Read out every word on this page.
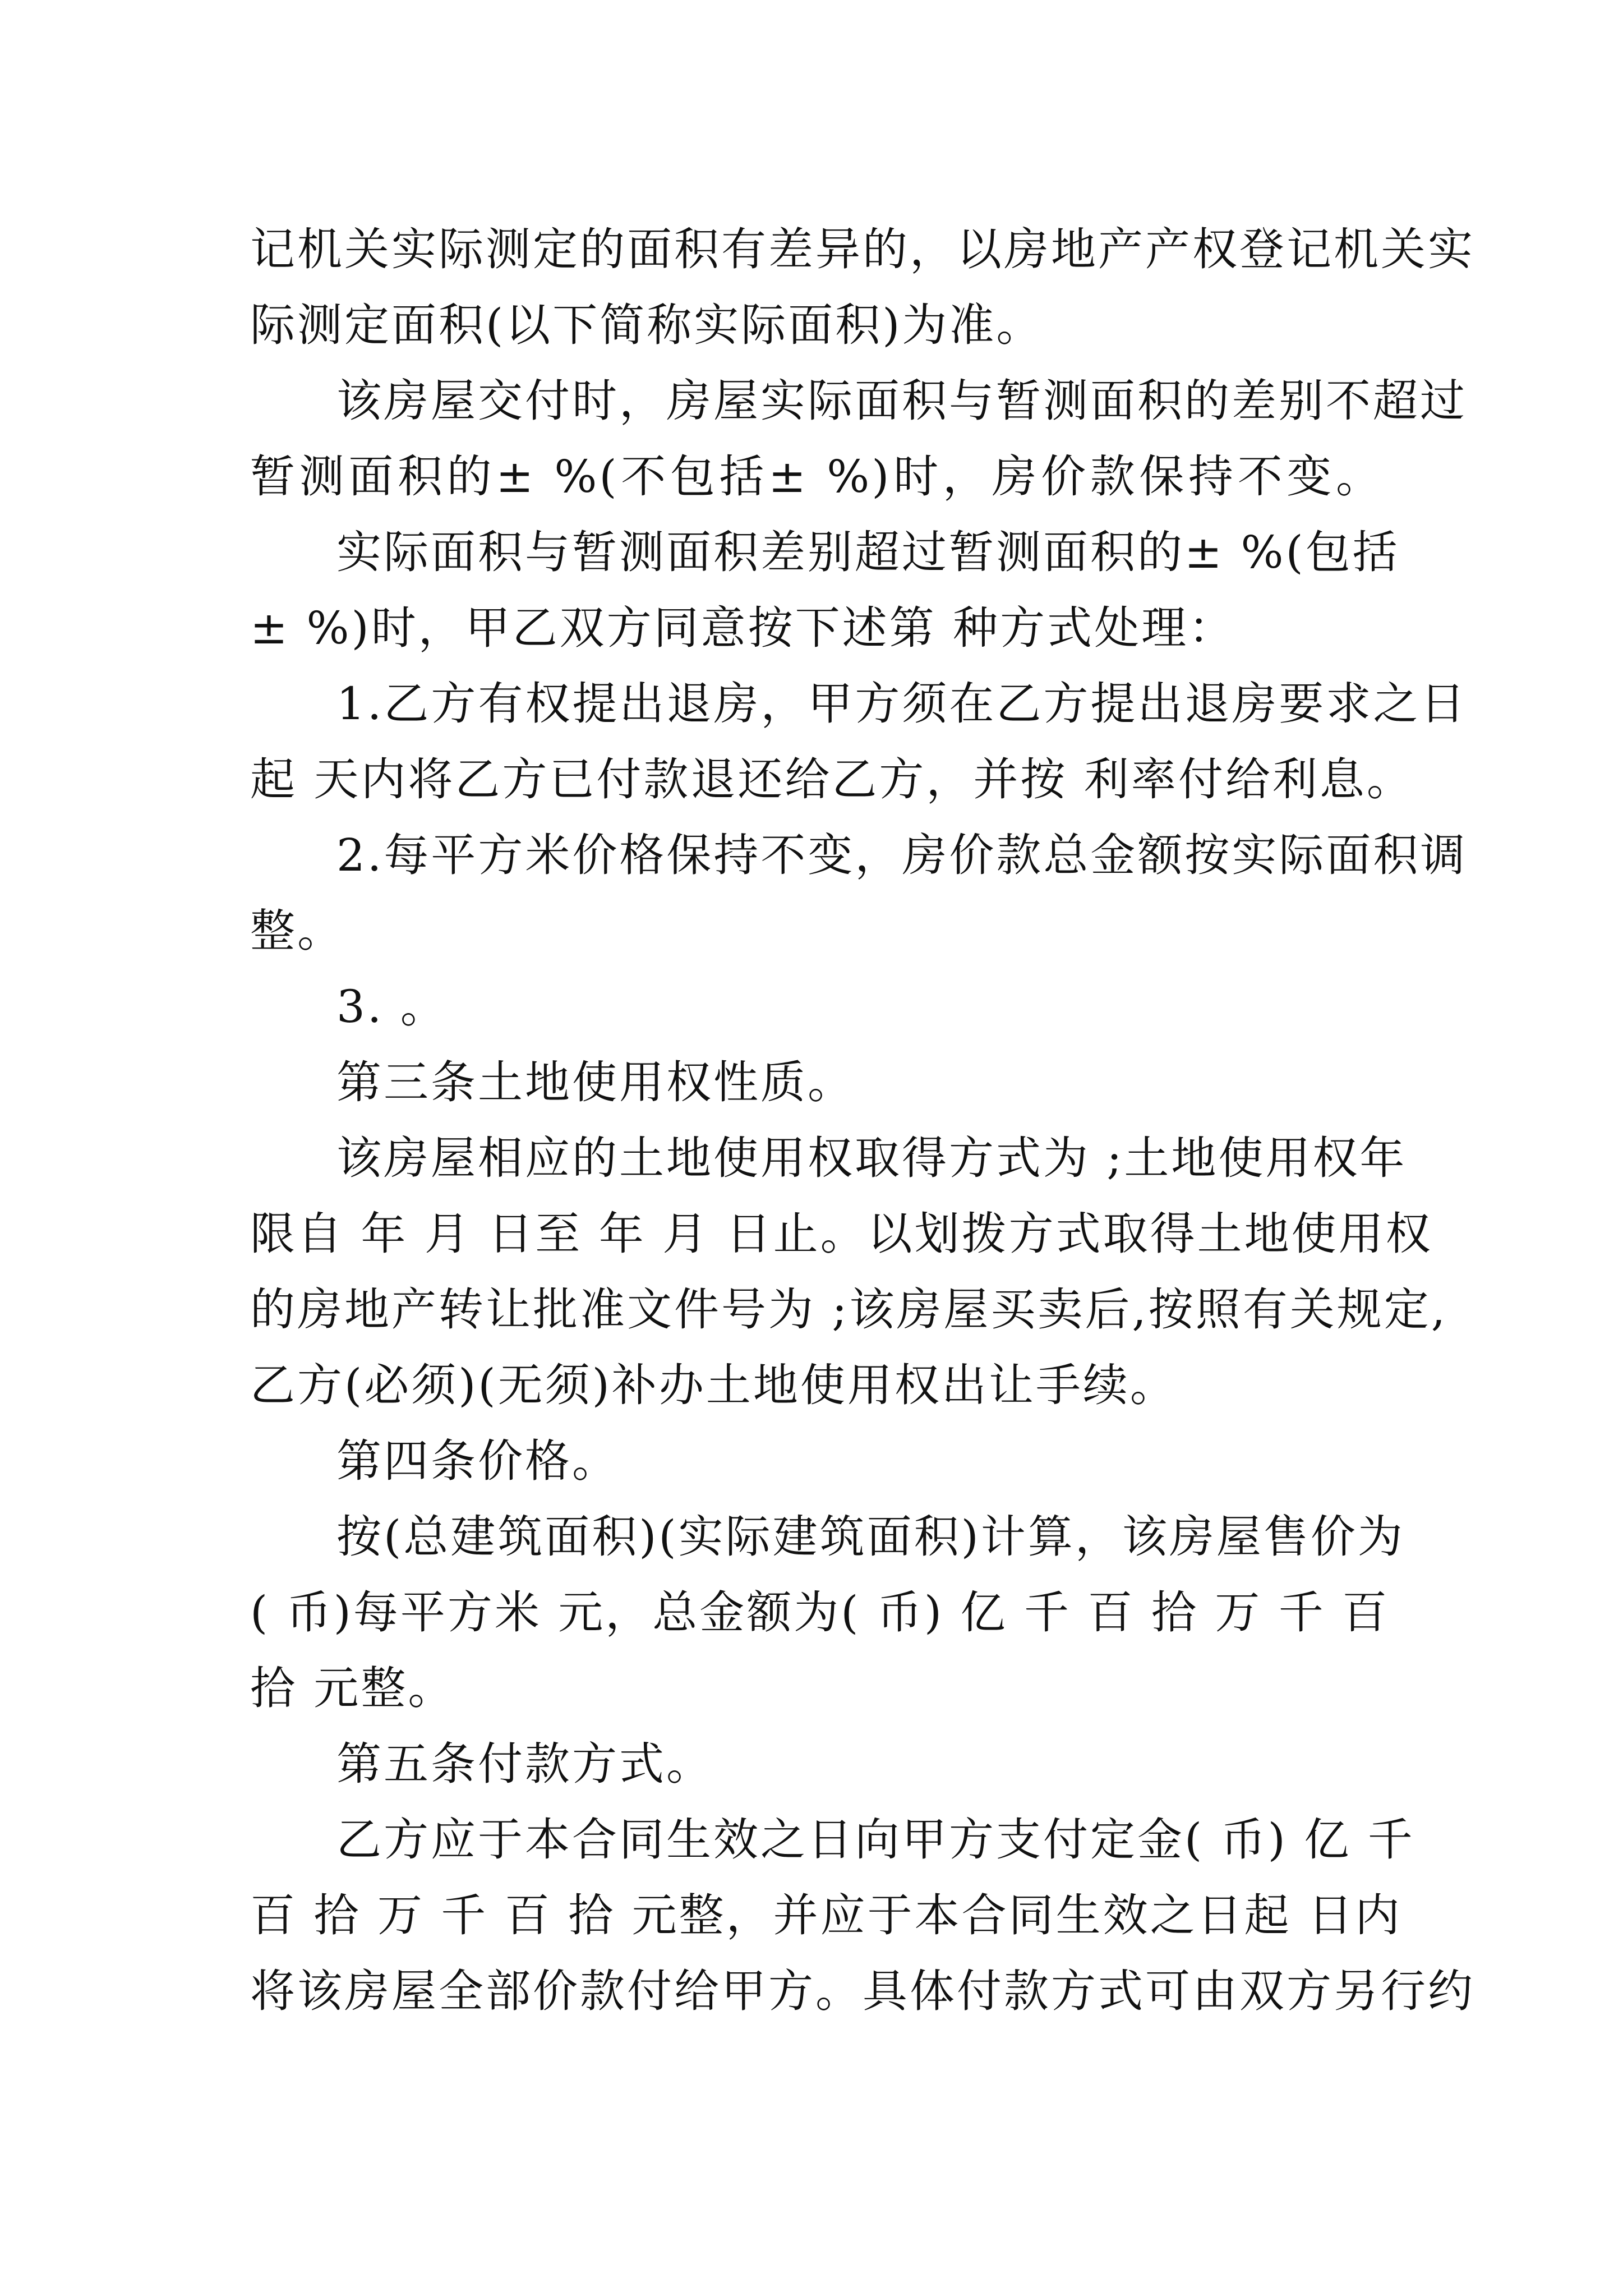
记机关实际测定的面积有差异的，以房地产产权登记机关实
际测定面积(以下简称实际面积)为准。
该房屋交付时，房屋实际面积与暂测面积的差别不超过
暂测面积的± %(不包括± %)时，房价款保持不变。
实际面积与暂测面积差别超过暂测面积的± %(包括
± %)时，甲乙双方同意按下述第 种方式处理：
1.乙方有权提出退房，甲方须在乙方提出退房要求之日
起 天内将乙方已付款退还给乙方，并按 利率付给利息。
2.每平方米价格保持不变，房价款总金额按实际面积调
整。
3. 。
第三条土地使用权性质。
该房屋相应的土地使用权取得方式为 ;土地使用权年
限自 年 月 日至 年 月 日止。以划拨方式取得土地使用权
的房地产转让批准文件号为 ;该房屋买卖后,按照有关规定,
乙方(必须)(无须)补办土地使用权出让手续。
第四条价格。
按(总建筑面积)(实际建筑面积)计算，该房屋售价为
( 币)每平方米 元，总金额为( 币) 亿 千 百 拾 万 千 百
拾 元整。
第五条付款方式。
乙方应于本合同生效之日向甲方支付定金( 币) 亿 千
百 拾 万 千 百 拾 元整，并应于本合同生效之日起 日内
将该房屋全部价款付给甲方。具体付款方式可由双方另行约
